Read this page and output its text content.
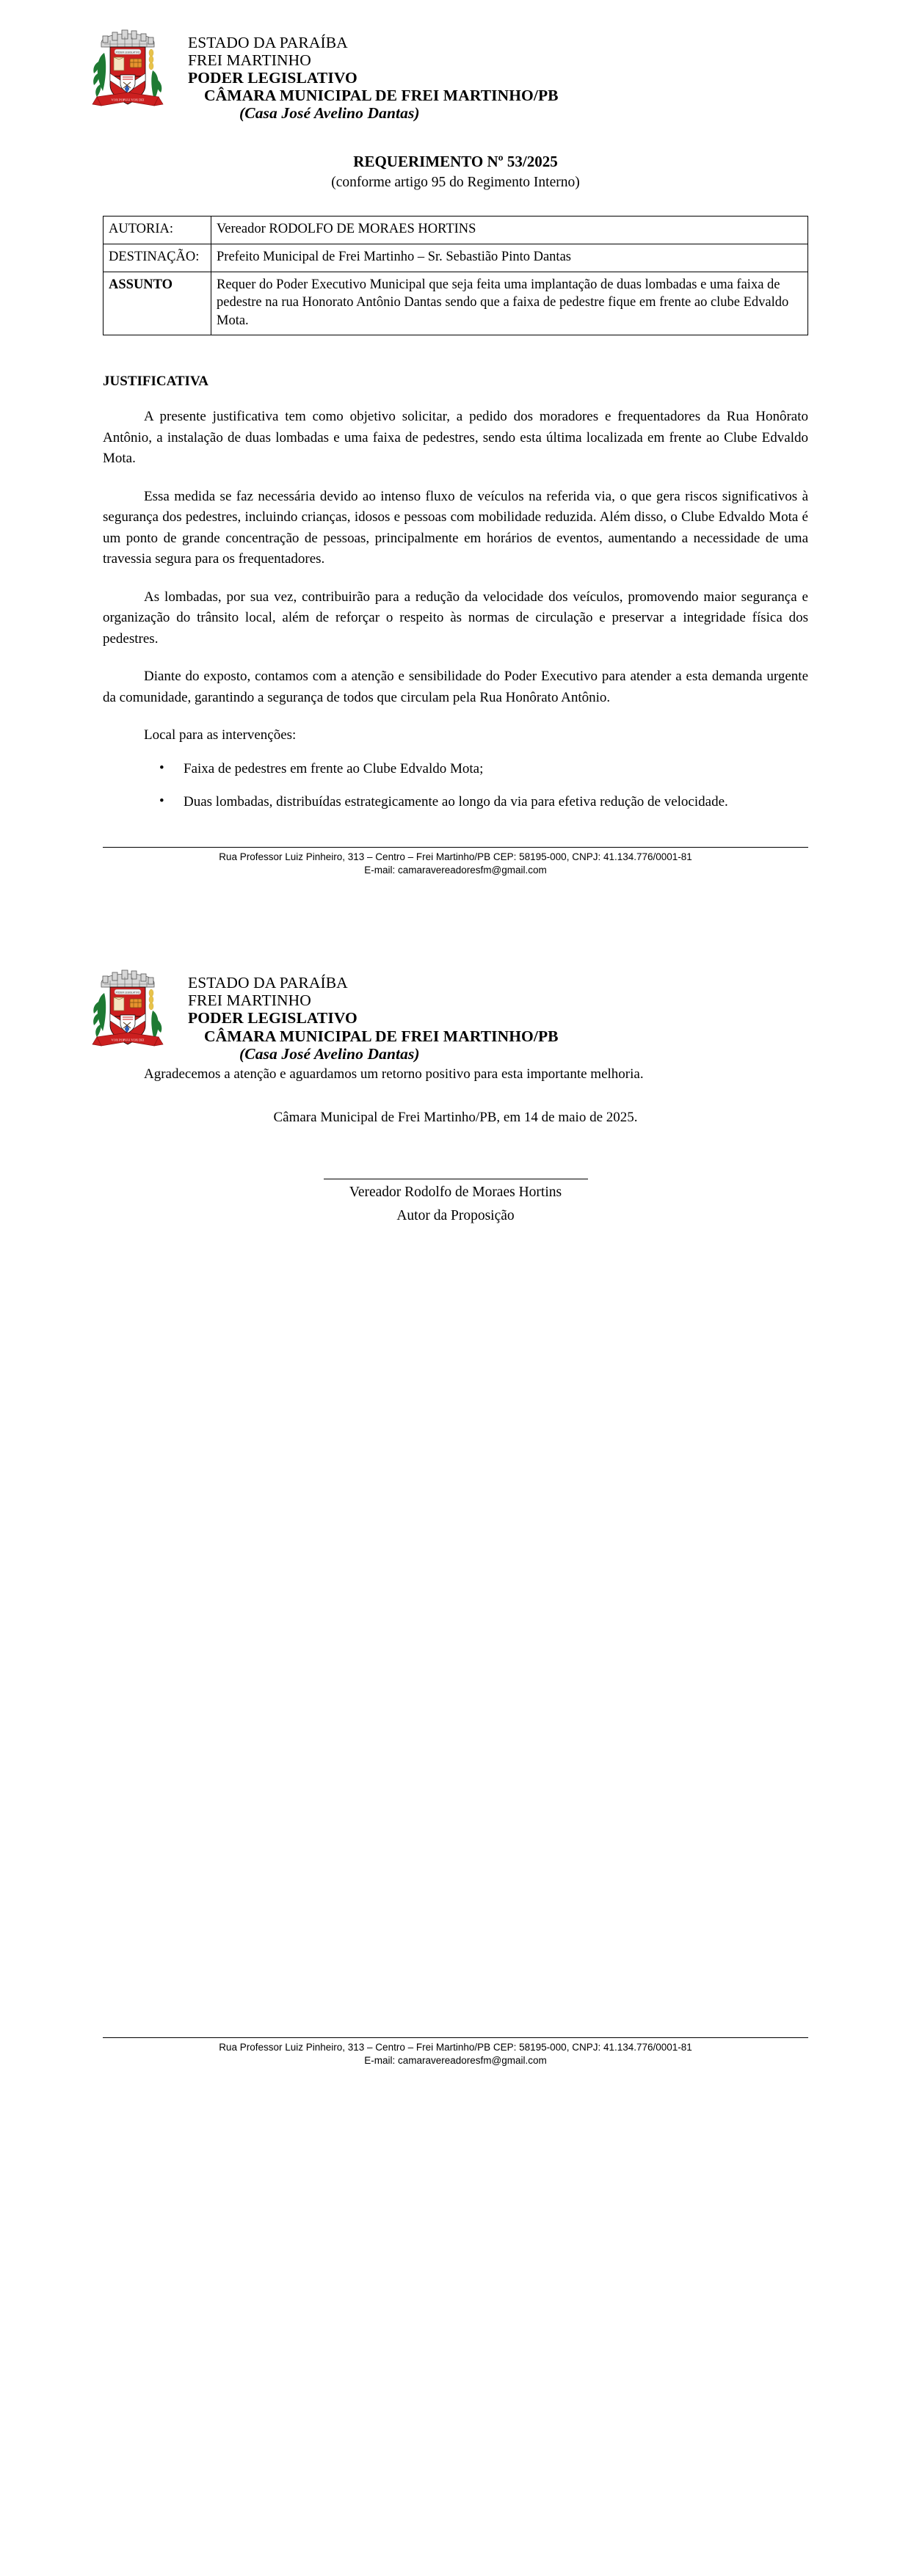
PODER LEGISLATIVO
VOX POPULI VOX DEI
ESTADO DA PARAÍBA
FREI MARTINHO
PODER LEGISLATIVO
CÂMARA MUNICIPAL DE FREI MARTINHO/PB
(Casa José Avelino Dantas)
REQUERIMENTO Nº 53/2025
(conforme artigo 95 do Regimento Interno)
AUTORIA:	Vereador RODOLFO DE MORAES HORTINS
DESTINAÇÃO:	Prefeito Municipal de Frei Martinho – Sr. Sebastião Pinto Dantas
ASSUNTO	Requer do Poder Executivo Municipal que seja feita uma implantação de duas lombadas e uma faixa de pedestre na rua Honorato Antônio Dantas sendo que a faixa de pedestre fique em frente ao clube Edvaldo Mota.
JUSTIFICATIVA

A presente justificativa tem como objetivo solicitar, a pedido dos moradores e frequentadores da Rua Honôrato Antônio, a instalação de duas lombadas e uma faixa de pedestres, sendo esta última localizada em frente ao Clube Edvaldo Mota.

Essa medida se faz necessária devido ao intenso fluxo de veículos na referida via, o que gera riscos significativos à segurança dos pedestres, incluindo crianças, idosos e pessoas com mobilidade reduzida. Além disso, o Clube Edvaldo Mota é um ponto de grande concentração de pessoas, principalmente em horários de eventos, aumentando a necessidade de uma travessia segura para os frequentadores.

As lombadas, por sua vez, contribuirão para a redução da velocidade dos veículos, promovendo maior segurança e organização do trânsito local, além de reforçar o respeito às normas de circulação e preservar a integridade física dos pedestres.

Diante do exposto, contamos com a atenção e sensibilidade do Poder Executivo para atender a esta demanda urgente da comunidade, garantindo a segurança de todos que circulam pela Rua Honôrato Antônio.

Local para as intervenções:

• Faixa de pedestres em frente ao Clube Edvaldo Mota;
• Duas lombadas, distribuídas estrategicamente ao longo da via para efetiva redução de velocidade.
Rua Professor Luiz Pinheiro, 313 – Centro – Frei Martinho/PB CEP: 58195-000, CNPJ: 41.134.776/0001-81
E-mail: camaravereadoresfm@gmail.com
PODER LEGISLATIVO
VOX POPULI VOX DEI
ESTADO DA PARAÍBA
FREI MARTINHO
PODER LEGISLATIVO
CÂMARA MUNICIPAL DE FREI MARTINHO/PB
(Casa José Avelino Dantas)

Agradecemos a atenção e aguardamos um retorno positivo para esta importante melhoria.

Câmara Municipal de Frei Martinho/PB, em 14 de maio de 2025.
Vereador Rodolfo de Moraes Hortins
Autor da Proposição
Rua Professor Luiz Pinheiro, 313 – Centro – Frei Martinho/PB CEP: 58195-000, CNPJ: 41.134.776/0001-81
E-mail: camaravereadoresfm@gmail.com
